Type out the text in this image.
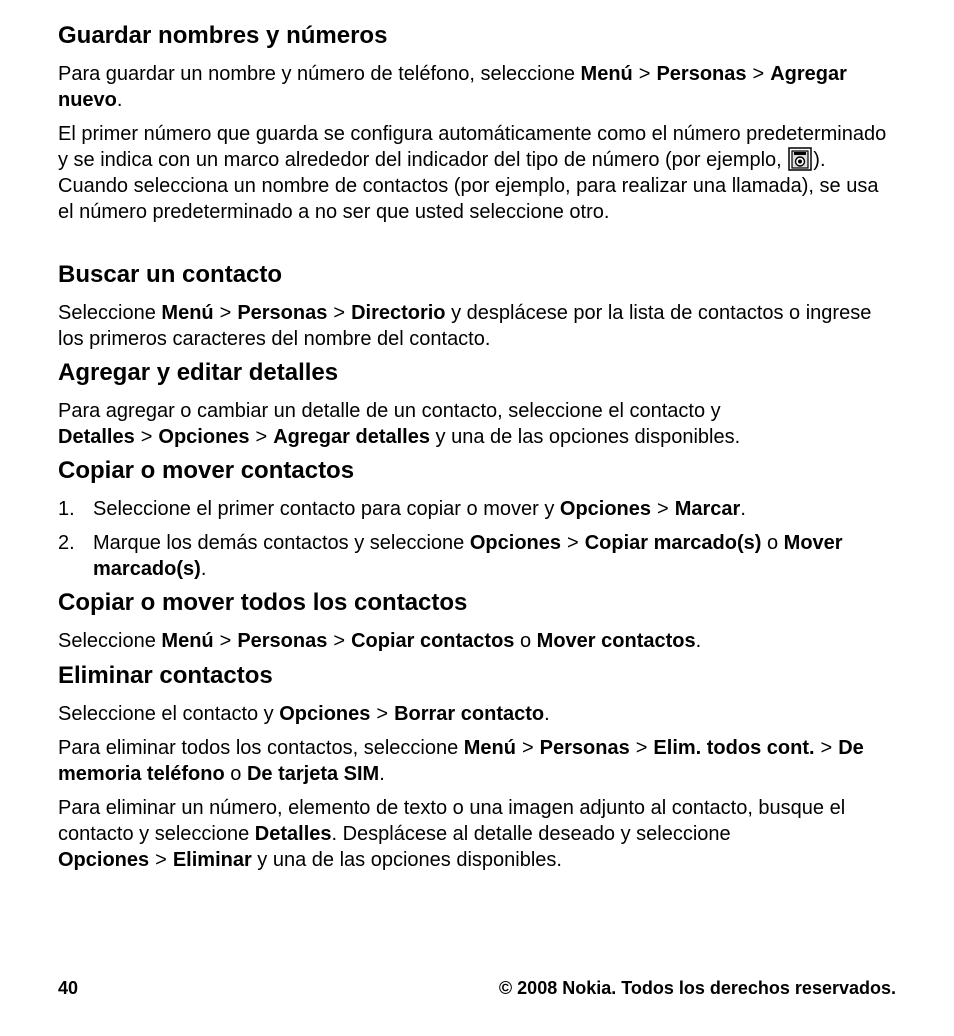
Guardar nombres y números

Para guardar un nombre y número de teléfono, seleccione Menú > Personas > Agregar nuevo.

El primer número que guarda se configura automáticamente como el número predeterminado y se indica con un marco alrededor del indicador del tipo de número (por ejemplo, ). Cuando selecciona un nombre de contactos (por ejemplo, para realizar una llamada), se usa el número predeterminado a no ser que usted seleccione otro.

Buscar un contacto

Seleccione Menú > Personas > Directorio y desplácese por la lista de contactos o ingrese los primeros caracteres del nombre del contacto.

Agregar y editar detalles

Para agregar o cambiar un detalle de un contacto, seleccione el contacto y Detalles > Opciones > Agregar detalles y una de las opciones disponibles.

Copiar o mover contactos
1. Seleccione el primer contacto para copiar o mover y Opciones > Marcar.
2. Marque los demás contactos y seleccione Opciones > Copiar marcado(s) o Mover marcado(s).
Copiar o mover todos los contactos

Seleccione Menú > Personas > Copiar contactos o Mover contactos.

Eliminar contactos

Seleccione el contacto y Opciones > Borrar contacto.

Para eliminar todos los contactos, seleccione Menú > Personas > Elim. todos cont. > De memoria teléfono o De tarjeta SIM.

Para eliminar un número, elemento de texto o una imagen adjunto al contacto, busque el contacto y seleccione Detalles. Desplácese al detalle deseado y seleccione Opciones > Eliminar y una de las opciones disponibles.

40	© 2008 Nokia. Todos los derechos reservados.
